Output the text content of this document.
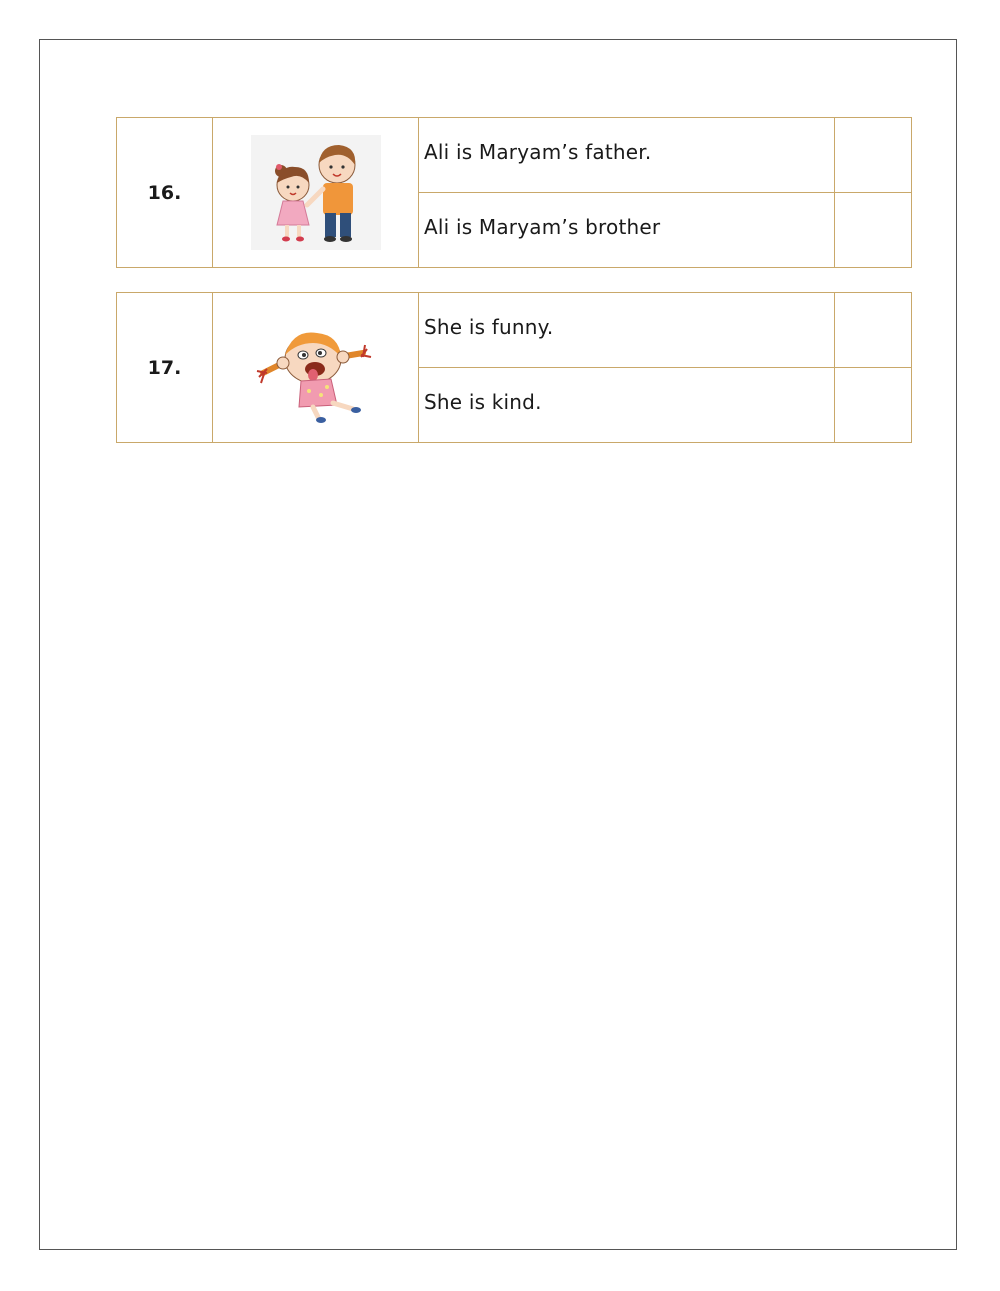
16.		Ali is Maryam’s father.	
		Ali is Maryam’s brother	
17.		She is funny.	
		She is kind.	
